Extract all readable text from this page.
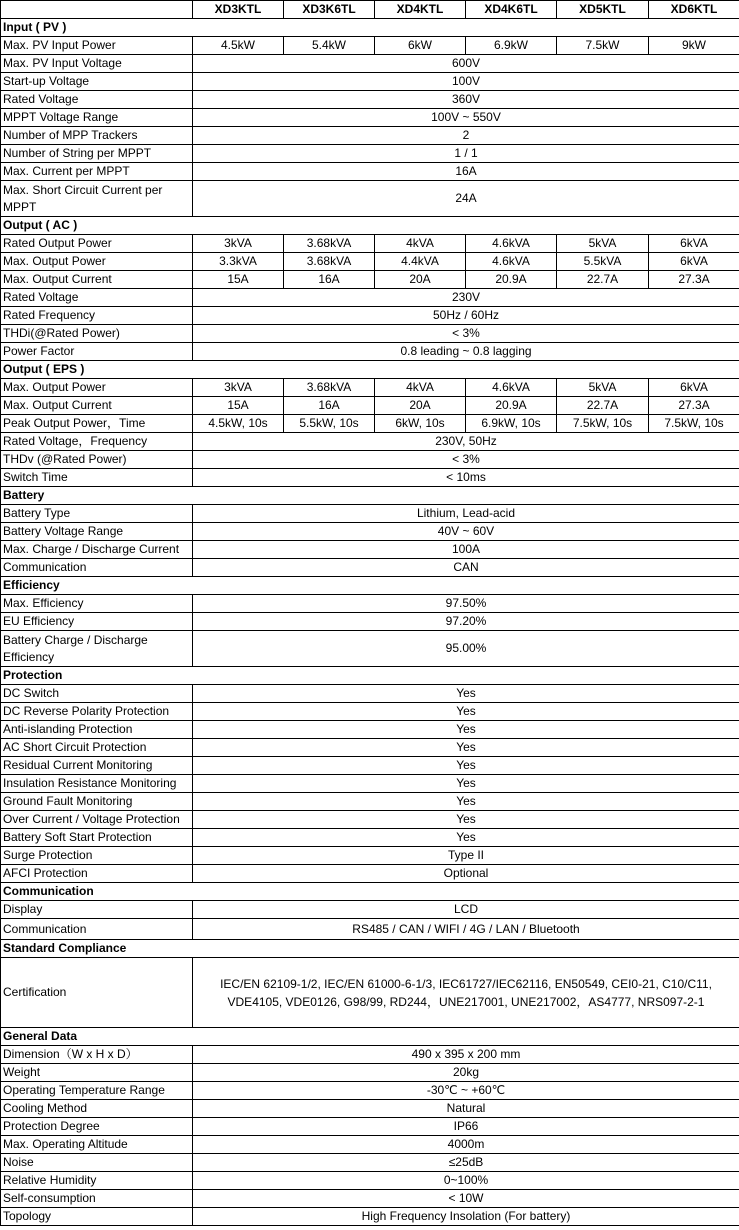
	XD3KTL	XD3K6TL	XD4KTL	XD4K6TL	XD5KTL	XD6KTL
Input ( PV )						
Max. PV Input Power	4.5kW	5.4kW	6kW	6.9kW	7.5kW	9kW
Max. PV Input Voltage	600V					
Start-up Voltage	100V					
Rated Voltage	360V					
MPPT Voltage Range	100V ~ 550V					
Number of MPP Trackers	2					
Number of String per MPPT	1 / 1					
Max. Current per MPPT	16A					
Max. Short Circuit Current per MPPT	24A					
Output ( AC )						
Rated Output Power	3kVA	3.68kVA	4kVA	4.6kVA	5kVA	6kVA
Max. Output Power	3.3kVA	3.68kVA	4.4kVA	4.6kVA	5.5kVA	6kVA
Max. Output Current	15A	16A	20A	20.9A	22.7A	27.3A
Rated Voltage	230V					
Rated Frequency	50Hz / 60Hz					
THDi(@Rated Power)	< 3%					
Power Factor	0.8 leading ~ 0.8 lagging					
Output ( EPS )						
Max. Output Power	3kVA	3.68kVA	4kVA	4.6kVA	5kVA	6kVA
Max. Output Current	15A	16A	20A	20.9A	22.7A	27.3A
Peak Output Power，Time	4.5kW, 10s	5.5kW, 10s	6kW, 10s	6.9kW, 10s	7.5kW, 10s	7.5kW, 10s
Rated Voltage，Frequency	230V, 50Hz					
THDv (@Rated Power)	< 3%					
Switch Time	< 10ms					
Battery						
Battery Type	Lithium, Lead-acid					
Battery Voltage Range	40V ~ 60V					
Max. Charge / Discharge Current	100A					
Communication	CAN					
Efficiency						
Max. Efficiency	97.50%					
EU Efficiency	97.20%					
Battery Charge / Discharge Efficiency	95.00%					
Protection						
DC Switch	Yes					
DC Reverse Polarity Protection	Yes					
Anti-islanding Protection	Yes					
AC Short Circuit Protection	Yes					
Residual Current Monitoring	Yes					
Insulation Resistance Monitoring	Yes					
Ground Fault Monitoring	Yes					
Over Current / Voltage Protection	Yes					
Battery Soft Start Protection	Yes					
Surge Protection	Type II					
AFCI Protection	Optional					
Communication						
Display	LCD					
Communication	RS485 / CAN / WIFI / 4G / LAN / Bluetooth					
Standard Compliance						
Certification	IEC/EN 62109-1/2, IEC/EN 61000-6-1/3, IEC61727/IEC62116, EN50549, CEI0-21, C10/C11, VDE4105, VDE0126, G98/99, RD244，UNE217001, UNE217002，AS4777, NRS097-2-1					
General Data						
Dimension（W x H x D）	490 x 395 x 200 mm					
Weight	20kg					
Operating Temperature Range	-30℃ ~ +60℃					
Cooling Method	Natural					
Protection Degree	IP66					
Max. Operating Altitude	4000m					
Noise	≤25dB					
Relative Humidity	0~100%					
Self-consumption	< 10W					
Topology	High Frequency Insolation (For battery)					
